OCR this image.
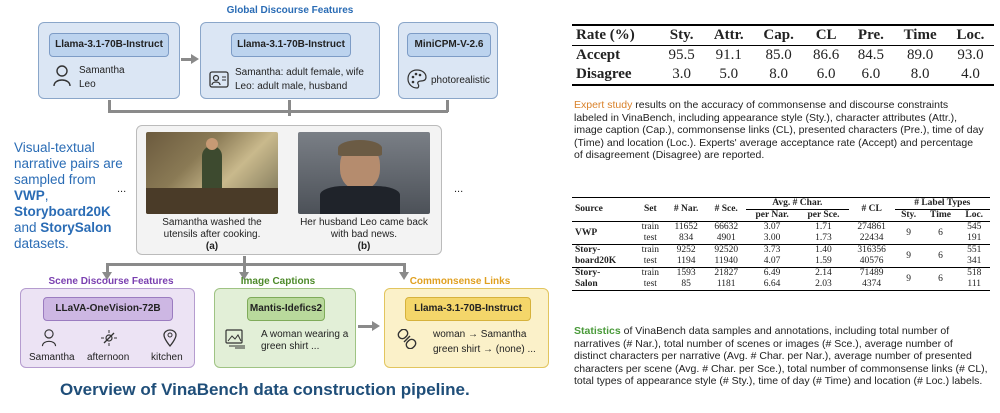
Global Discourse Features
Llama-3.1-70B-Instruct
Samantha
Leo
Llama-3.1-70B-Instruct
Samantha: adult female, wife
Leo: adult male, husband
MiniCPM-V-2.6
photorealistic
Visual-textual narrative pairs are sampled from VWP, Storyboard20K and StorySalon datasets.
...	...
Samantha washed the utensils after cooking.
(a)
Her husband Leo came back with bad news.
(b)
Scene Discourse Features	Image Captions	Commonsense Links
LLaVA-OneVision-72B
Samantha afternoon kitchen
Mantis-Idefics2
A woman wearing a green shirt ...
Llama-3.1-70B-Instruct
woman → Samantha
green shirt → (none) ...
Overview of VinaBench data construction pipeline.
Rate (%)	Sty.	Attr.	Cap.	CL	Pre.	Time	Loc.
Accept	95.5	91.1	85.0	86.6	84.5	89.0	93.0
Disagree	3.0	5.0	8.0	6.0	6.0	8.0	4.0
Expert study results on the accuracy of commonsense and discourse constraints labeled in VinaBench, including appearance style (Sty.), character attributes (Attr.), image caption (Cap.), commonsense links (CL), presented characters (Pre.), time of day (Time) and location (Loc.). Experts' average acceptance rate (Accept) and percentage of disagreement (Disagree) are reported.
Source	Set	# Nar.	# Sce.	Avg. # Char.		# CL	# Label Types		
				per Nar.	per Sce.		Sty.	Time	Loc.
VWP	train	11652	66632	3.07	1.71	274861	9	6	545
	test	834	4901	3.00	1.73	22434			191
Story-
board20K	train	9252	92520	3.73	1.40	316356	9	6	551
	test	1194	11940	4.07	1.59	40576			341
Story-
Salon	train	1593	21827	6.49	2.14	71489	9	6	518
	test	85	1181	6.64	2.03	4374			111
Statistics of VinaBench data samples and annotations, including total number of narratives (# Nar.), total number of scenes or images (# Sce.), average number of distinct characters per narrative (Avg. # Char. per Nar.), average number of presented characters per scene (Avg. # Char. per Sce.), total number of commonsense links (# CL), total types of appearance style (# Sty.), time of day (# Time) and location (# Loc.) labels.
